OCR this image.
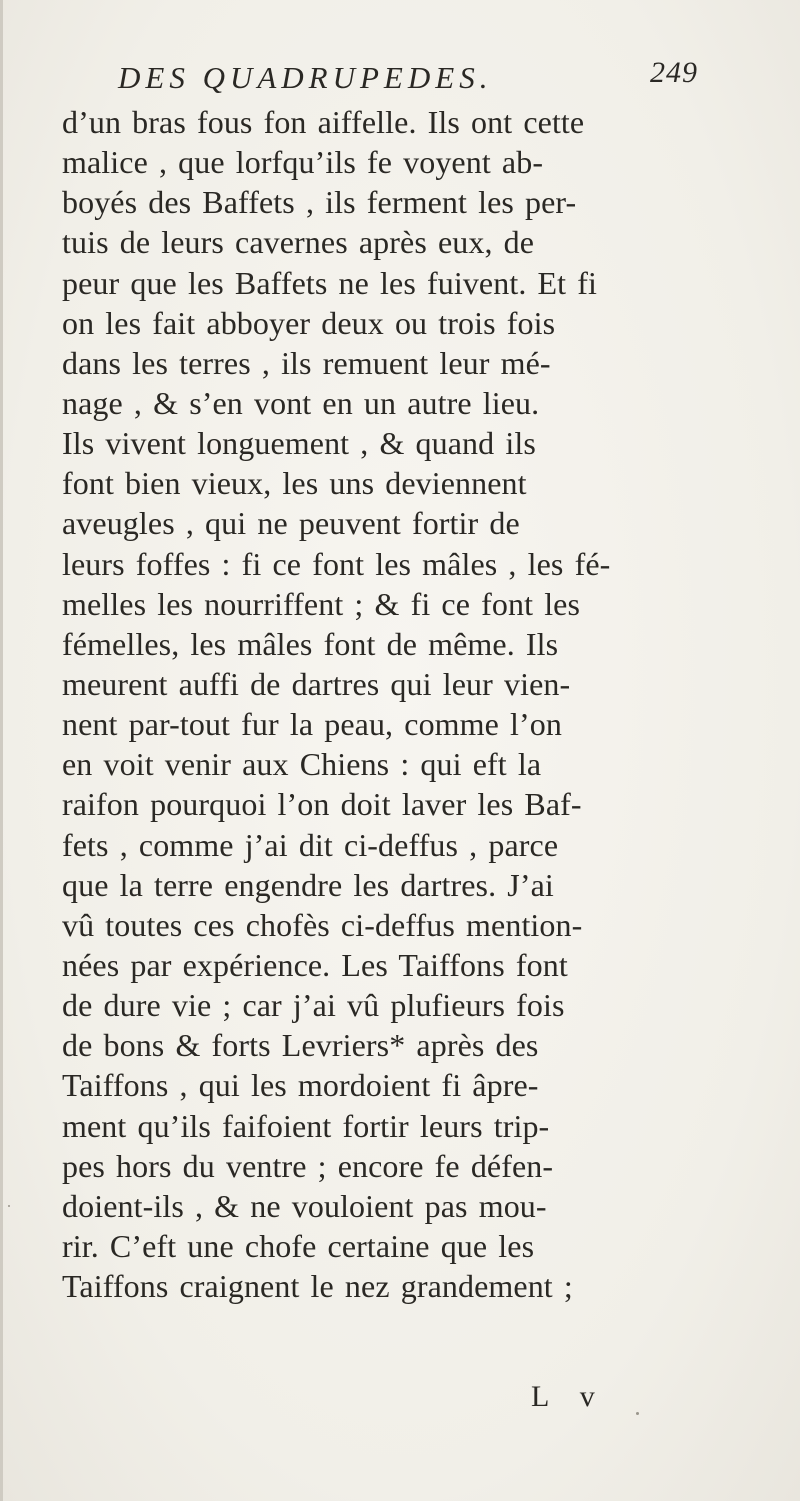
DES QUADRUPEDES.	249
d’un bras fous fon aiffelle. Ils ont cette
malice , que lorfqu’ils fe voyent ab-
boyés des Baffets , ils ferment les per-
tuis de leurs cavernes après eux, de
peur que les Baffets ne les fuivent. Et fi
on les fait abboyer deux ou trois fois
dans les terres , ils remuent leur mé-
nage , & s’en vont en un autre lieu.
Ils vivent longuement , & quand ils
font bien vieux, les uns deviennent
aveugles , qui ne peuvent fortir de
leurs foffes : fi ce font les mâles , les fé-
melles les nourriffent ; & fi ce font les
fémelles, les mâles font de même. Ils
meurent auffi de dartres qui leur vien-
nent par-tout fur la peau, comme l’on
en voit venir aux Chiens : qui eft la
raifon pourquoi l’on doit laver les Baf-
fets , comme j’ai dit ci-deffus , parce
que la terre engendre les dartres. J’ai
vû toutes ces chofès ci-deffus mention-
nées par expérience. Les Taiffons font
de dure vie ; car j’ai vû plufieurs fois
de bons & forts Levriers* après des
Taiffons , qui les mordoient fi âpre-
ment qu’ils faifoient fortir leurs trip-
pes hors du ventre ; encore fe défen-
doient-ils , & ne vouloient pas mou-
rir. C’eft une chofe certaine que les
Taiffons craignent le nez grandement ;
L v
